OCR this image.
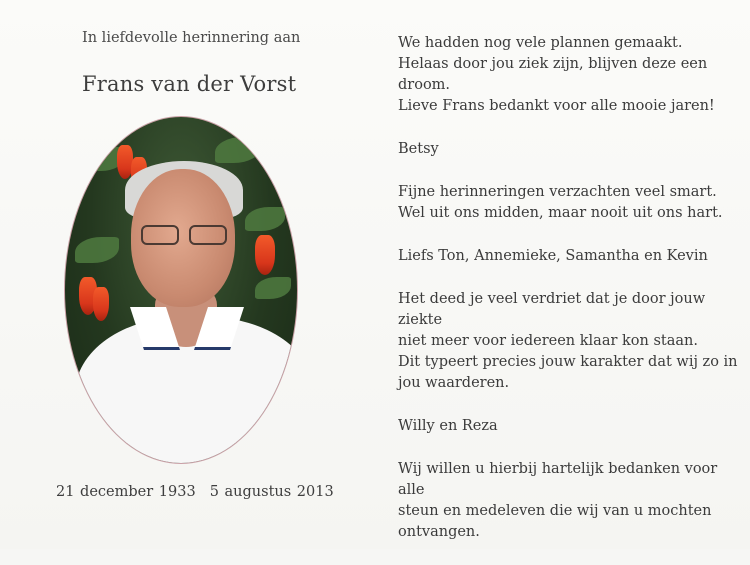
In liefdevolle herinnering aan
Frans van der Vorst
21 december 1933 5 augustus 2013

We hadden nog vele plannen gemaakt.
Helaas door jou ziek zijn, blijven deze een
droom.
Lieve Frans bedankt voor alle mooie jaren!

Betsy

Fijne herinneringen verzachten veel smart.
Wel uit ons midden, maar nooit uit ons hart.

Liefs Ton, Annemieke, Samantha en Kevin

Het deed je veel verdriet dat je door jouw ziekte
niet meer voor iedereen klaar kon staan.
Dit typeert precies jouw karakter dat wij zo in
jou waarderen.

Willy en Reza

Wij willen u hierbij hartelijk bedanken voor alle
steun en medeleven die wij van u mochten
ontvangen.
